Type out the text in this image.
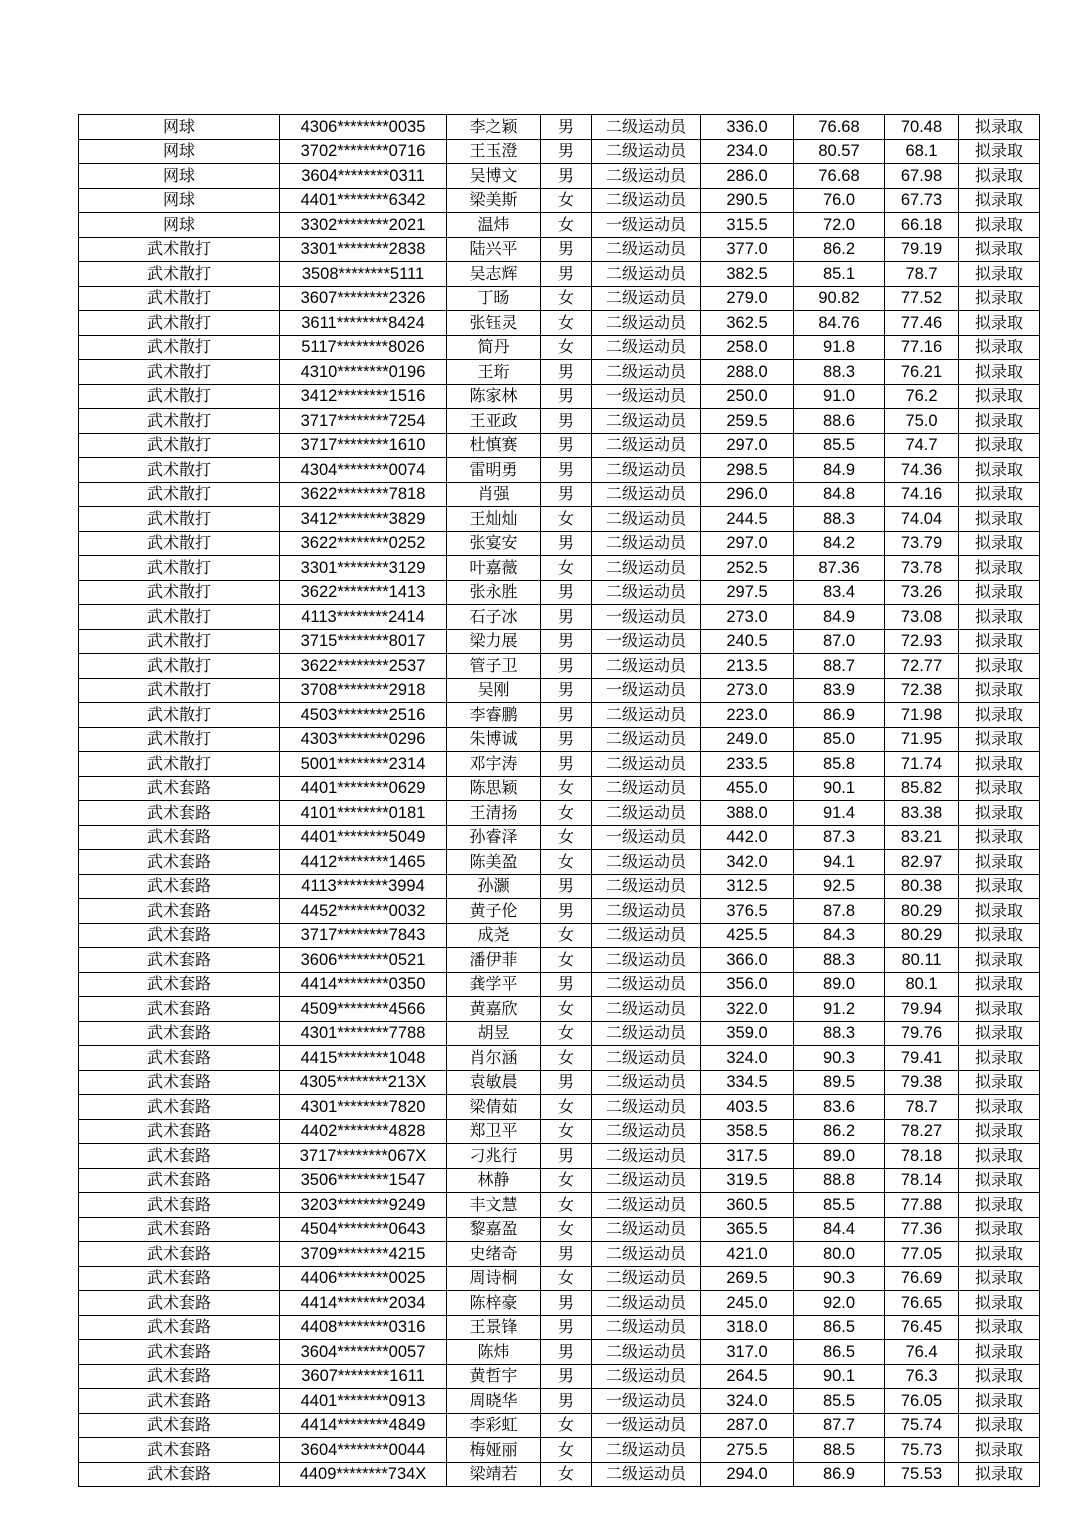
网球	4306********0035	李之颖	男	二级运动员	336.0	76.68	70.48	拟录取
网球	3702********0716	王玉澄	男	二级运动员	234.0	80.57	68.1	拟录取
网球	3604********0311	吴博文	男	二级运动员	286.0	76.68	67.98	拟录取
网球	4401********6342	梁美斯	女	二级运动员	290.5	76.0	67.73	拟录取
网球	3302********2021	温炜	女	一级运动员	315.5	72.0	66.18	拟录取
武术散打	3301********2838	陆兴平	男	二级运动员	377.0	86.2	79.19	拟录取
武术散打	3508********5111	吴志辉	男	二级运动员	382.5	85.1	78.7	拟录取
武术散打	3607********2326	丁旸	女	二级运动员	279.0	90.82	77.52	拟录取
武术散打	3611********8424	张钰灵	女	二级运动员	362.5	84.76	77.46	拟录取
武术散打	5117********8026	简丹	女	二级运动员	258.0	91.8	77.16	拟录取
武术散打	4310********0196	王珩	男	二级运动员	288.0	88.3	76.21	拟录取
武术散打	3412********1516	陈家林	男	一级运动员	250.0	91.0	76.2	拟录取
武术散打	3717********7254	王亚政	男	二级运动员	259.5	88.6	75.0	拟录取
武术散打	3717********1610	杜慎赛	男	二级运动员	297.0	85.5	74.7	拟录取
武术散打	4304********0074	雷明勇	男	二级运动员	298.5	84.9	74.36	拟录取
武术散打	3622********7818	肖强	男	二级运动员	296.0	84.8	74.16	拟录取
武术散打	3412********3829	王灿灿	女	二级运动员	244.5	88.3	74.04	拟录取
武术散打	3622********0252	张宴安	男	二级运动员	297.0	84.2	73.79	拟录取
武术散打	3301********3129	叶嘉薇	女	二级运动员	252.5	87.36	73.78	拟录取
武术散打	3622********1413	张永胜	男	二级运动员	297.5	83.4	73.26	拟录取
武术散打	4113********2414	石子冰	男	一级运动员	273.0	84.9	73.08	拟录取
武术散打	3715********8017	梁力展	男	一级运动员	240.5	87.0	72.93	拟录取
武术散打	3622********2537	管子卫	男	二级运动员	213.5	88.7	72.77	拟录取
武术散打	3708********2918	吴刚	男	一级运动员	273.0	83.9	72.38	拟录取
武术散打	4503********2516	李睿鹏	男	二级运动员	223.0	86.9	71.98	拟录取
武术散打	4303********0296	朱博诚	男	二级运动员	249.0	85.0	71.95	拟录取
武术散打	5001********2314	邓宇涛	男	二级运动员	233.5	85.8	71.74	拟录取
武术套路	4401********0629	陈思颖	女	二级运动员	455.0	90.1	85.82	拟录取
武术套路	4101********0181	王清扬	女	二级运动员	388.0	91.4	83.38	拟录取
武术套路	4401********5049	孙睿泽	女	一级运动员	442.0	87.3	83.21	拟录取
武术套路	4412********1465	陈美盈	女	二级运动员	342.0	94.1	82.97	拟录取
武术套路	4113********3994	孙灏	男	二级运动员	312.5	92.5	80.38	拟录取
武术套路	4452********0032	黄子伦	男	二级运动员	376.5	87.8	80.29	拟录取
武术套路	3717********7843	成尧	女	二级运动员	425.5	84.3	80.29	拟录取
武术套路	3606********0521	潘伊菲	女	二级运动员	366.0	88.3	80.11	拟录取
武术套路	4414********0350	龚学平	男	二级运动员	356.0	89.0	80.1	拟录取
武术套路	4509********4566	黄嘉欣	女	二级运动员	322.0	91.2	79.94	拟录取
武术套路	4301********7788	胡昱	女	二级运动员	359.0	88.3	79.76	拟录取
武术套路	4415********1048	肖尔涵	女	二级运动员	324.0	90.3	79.41	拟录取
武术套路	4305********213X	袁敏晨	男	二级运动员	334.5	89.5	79.38	拟录取
武术套路	4301********7820	梁倩茹	女	二级运动员	403.5	83.6	78.7	拟录取
武术套路	4402********4828	郑卫平	女	二级运动员	358.5	86.2	78.27	拟录取
武术套路	3717********067X	刁兆行	男	二级运动员	317.5	89.0	78.18	拟录取
武术套路	3506********1547	林静	女	二级运动员	319.5	88.8	78.14	拟录取
武术套路	3203********9249	丰文慧	女	二级运动员	360.5	85.5	77.88	拟录取
武术套路	4504********0643	黎嘉盈	女	二级运动员	365.5	84.4	77.36	拟录取
武术套路	3709********4215	史绪奇	男	二级运动员	421.0	80.0	77.05	拟录取
武术套路	4406********0025	周诗桐	女	二级运动员	269.5	90.3	76.69	拟录取
武术套路	4414********2034	陈梓豪	男	二级运动员	245.0	92.0	76.65	拟录取
武术套路	4408********0316	王景锋	男	二级运动员	318.0	86.5	76.45	拟录取
武术套路	3604********0057	陈炜	男	二级运动员	317.0	86.5	76.4	拟录取
武术套路	3607********1611	黄哲宇	男	二级运动员	264.5	90.1	76.3	拟录取
武术套路	4401********0913	周晓华	男	一级运动员	324.0	85.5	76.05	拟录取
武术套路	4414********4849	李彩虹	女	一级运动员	287.0	87.7	75.74	拟录取
武术套路	3604********0044	梅娅丽	女	二级运动员	275.5	88.5	75.73	拟录取
武术套路	4409********734X	梁靖若	女	二级运动员	294.0	86.9	75.53	拟录取
